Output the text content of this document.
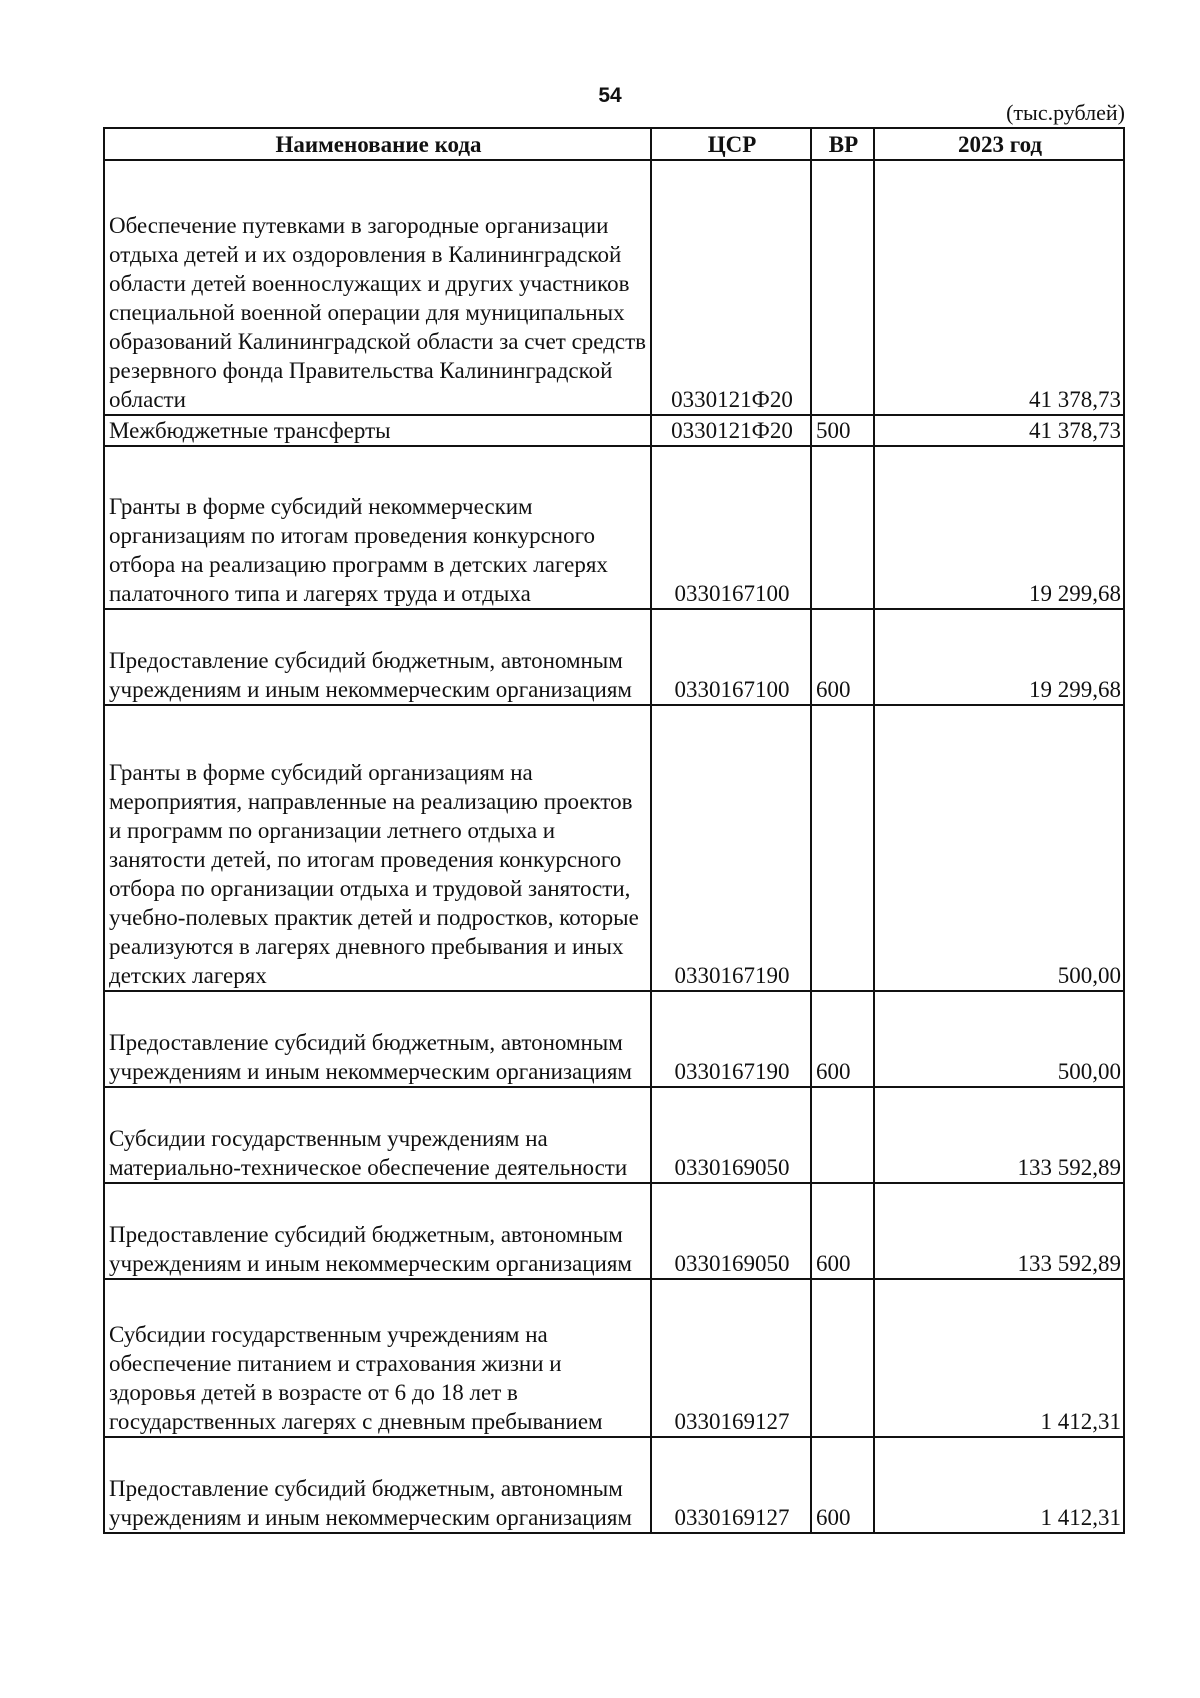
54
(тыс.рублей)
Наименование кода	ЦСР	ВР	2023 год
Обеспечение путевками в загородные организации отдыха детей и их оздоровления в Калининградской области детей военнослужащих и других участников специальной военной операции для муниципальных образований Калининградской области за счет средств резервного фонда Правительства Калининградской области	0330121Ф20		41 378,73
Межбюджетные трансферты	0330121Ф20	500	41 378,73
Гранты в форме субсидий некоммерческим организациям по итогам проведения конкурсного отбора на реализацию программ в детских лагерях палаточного типа и лагерях труда и отдыха	0330167100		19 299,68
Предоставление субсидий бюджетным, автономным учреждениям и иным некоммерческим организациям	0330167100	600	19 299,68
Гранты в форме субсидий организациям на мероприятия, направленные на реализацию проектов и программ по организации летнего отдыха и занятости детей, по итогам проведения конкурсного отбора по организации отдыха и трудовой занятости, учебно-полевых практик детей и подростков, которые реализуются в лагерях дневного пребывания и иных детских лагерях	0330167190		500,00
Предоставление субсидий бюджетным, автономным учреждениям и иным некоммерческим организациям	0330167190	600	500,00
Субсидии государственным учреждениям на материально-техническое обеспечение деятельности	0330169050		133 592,89
Предоставление субсидий бюджетным, автономным учреждениям и иным некоммерческим организациям	0330169050	600	133 592,89
Субсидии государственным учреждениям на обеспечение питанием и страхования жизни и здоровья детей в возрасте от 6 до 18 лет в государственных лагерях с дневным пребыванием	0330169127		1 412,31
Предоставление субсидий бюджетным, автономным учреждениям и иным некоммерческим организациям	0330169127	600	1 412,31
